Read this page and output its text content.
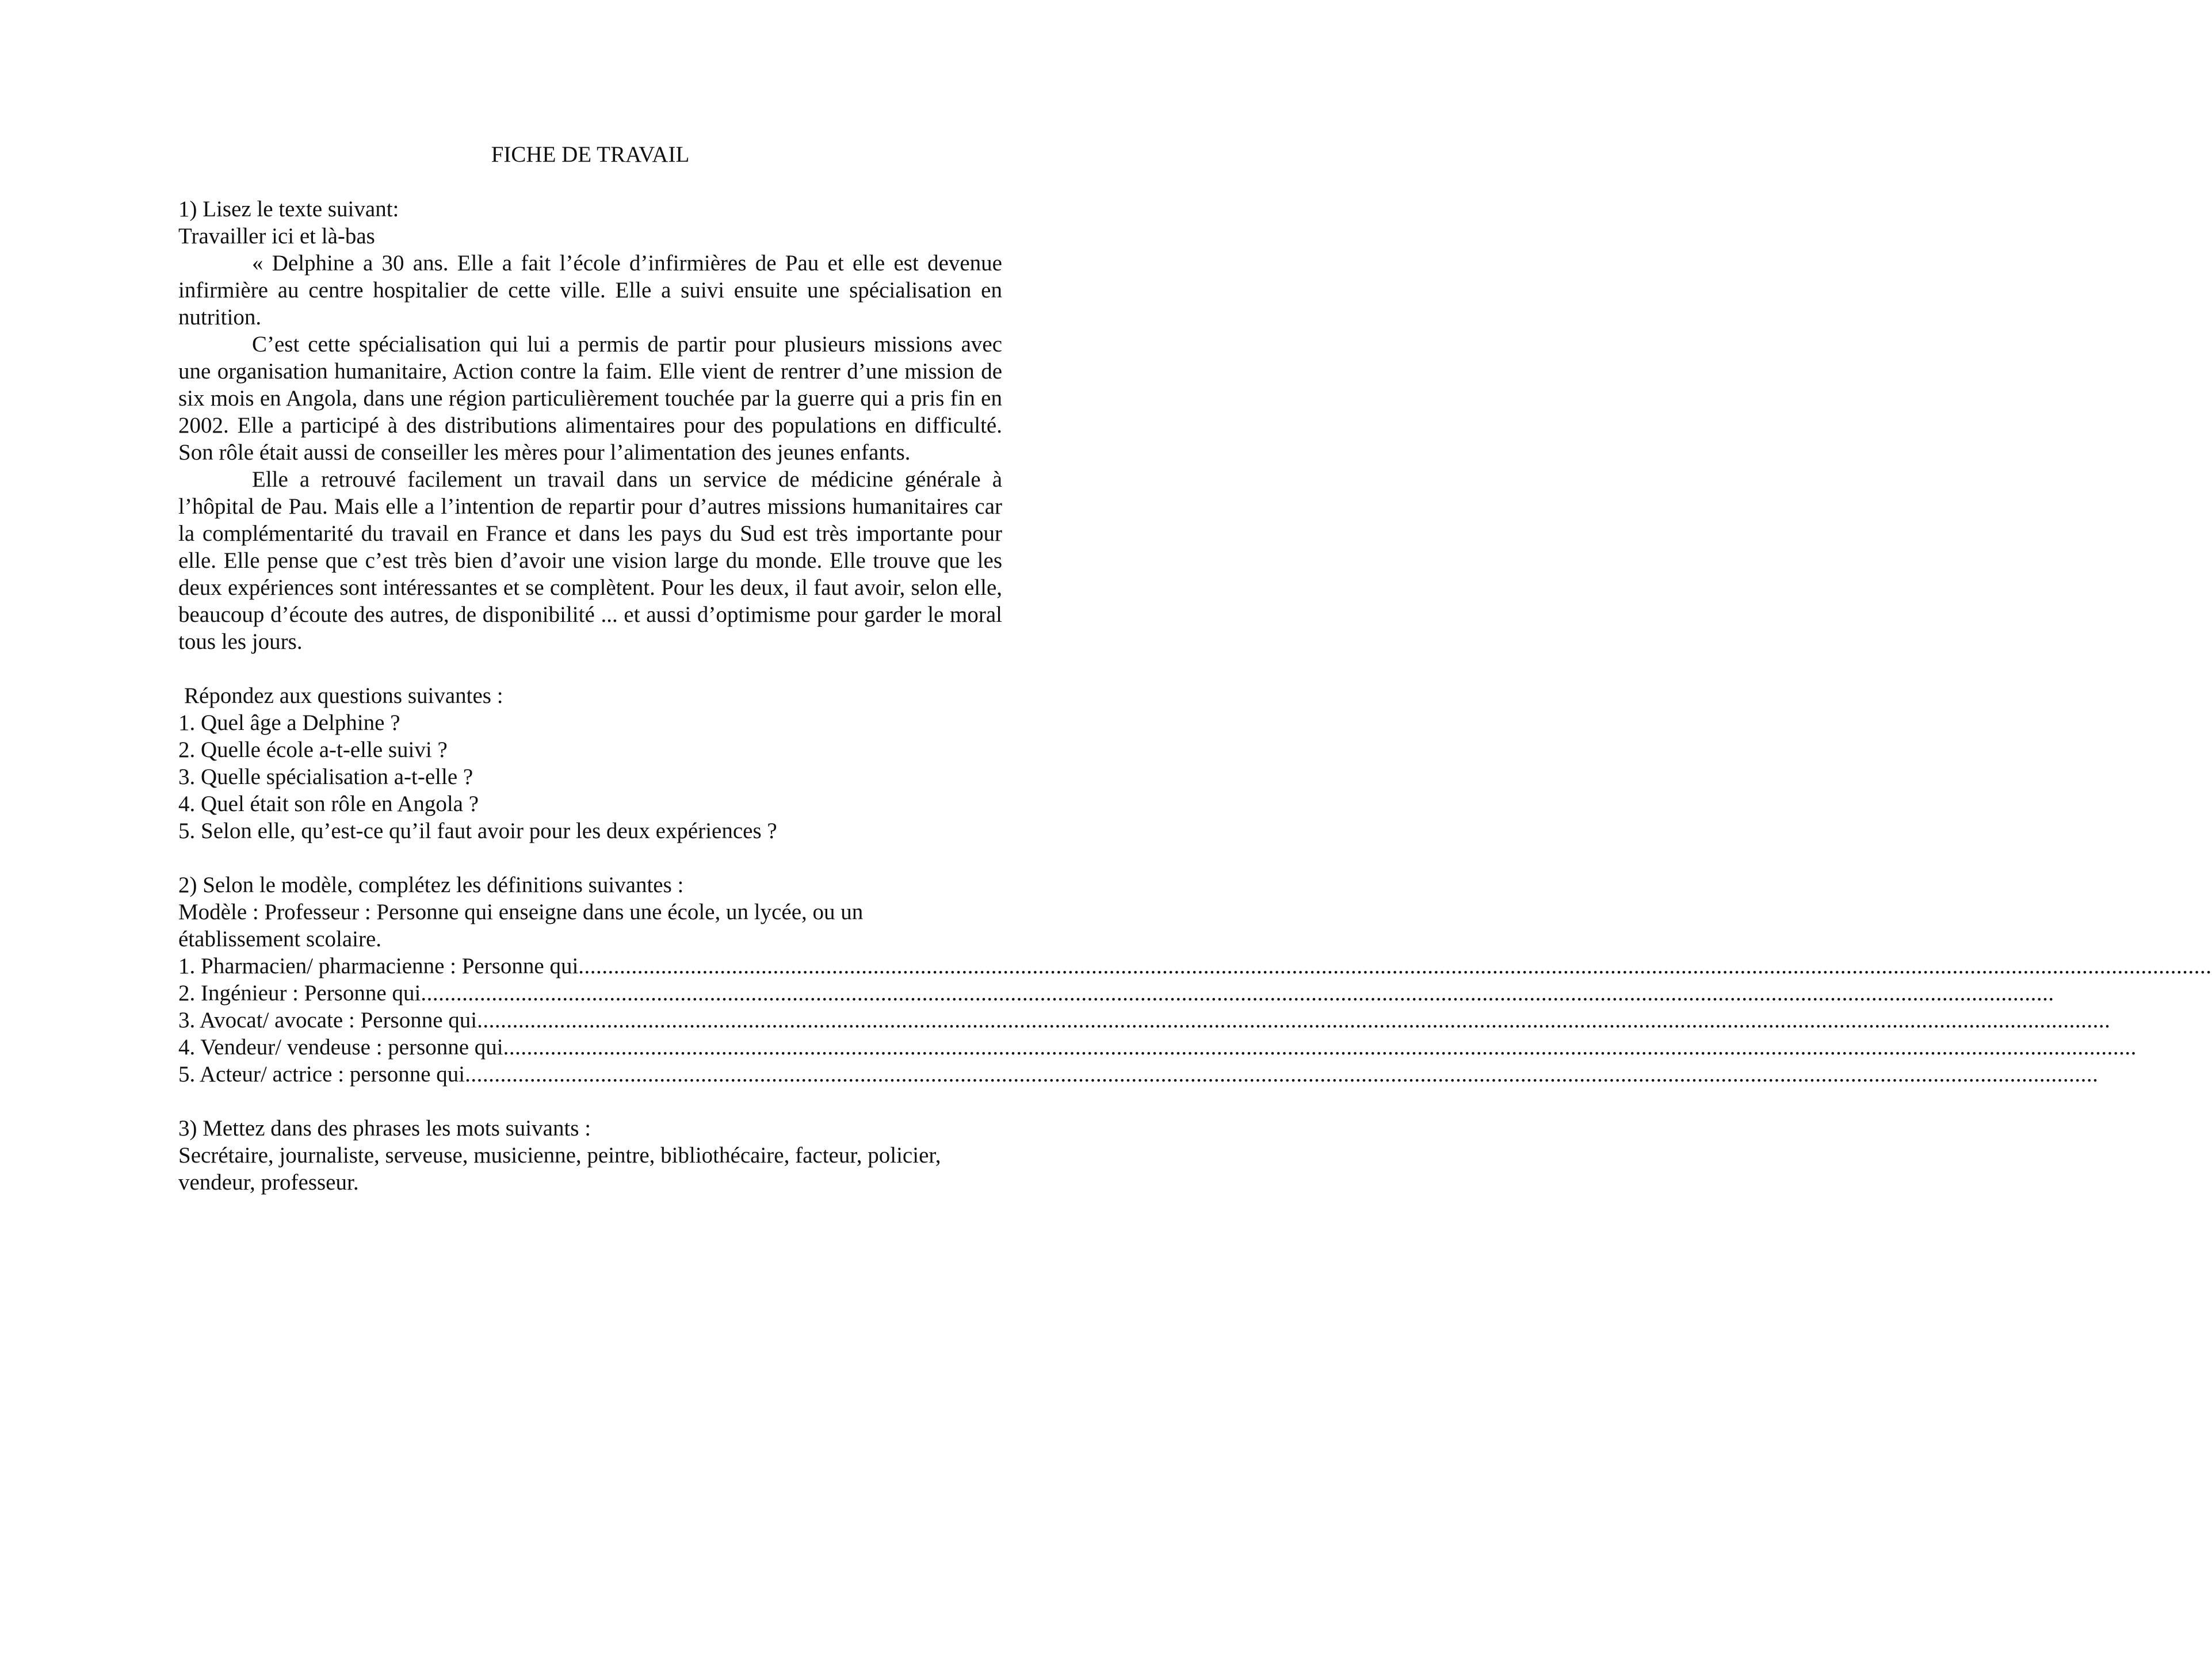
FICHE DE TRAVAIL

1) Lisez le texte suivant:

Travailler ici et là-bas

« Delphine a 30 ans. Elle a fait l’école d’infirmières de Pau et elle est devenue infirmière au centre hospitalier de cette ville. Elle a suivi ensuite une spécialisation en nutrition.

C’est cette spécialisation qui lui a permis de partir pour plusieurs missions avec une organisation humanitaire, Action contre la faim. Elle vient de rentrer d’une mission de six mois en Angola, dans une région particulièrement touchée par la guerre qui a pris fin en 2002. Elle a participé à des distributions alimentaires pour des populations en difficulté. Son rôle était aussi de conseiller les mères pour l’alimentation des jeunes enfants.

Elle a retrouvé facilement un travail dans un service de médicine générale à l’hôpital de Pau. Mais elle a l’intention de repartir pour d’autres missions humanitaires car la complémentarité du travail en France et dans les pays du Sud est très importante pour elle. Elle pense que c’est très bien d’avoir une vision large du monde. Elle trouve que les deux expériences sont intéressantes et se complètent. Pour les deux, il faut avoir, selon elle, beaucoup d’écoute des autres, de disponibilité ... et aussi d’optimisme pour garder le moral tous les jours.

Répondez aux questions suivantes :

1. Quel âge a Delphine ?

2. Quelle école a-t-elle suivi ?

3. Quelle spécialisation a-t-elle ?

4. Quel était son rôle en Angola ?

5. Selon elle, qu’est-ce qu’il faut avoir pour les deux expériences ?

2) Selon le modèle, complétez les définitions suivantes :

Modèle : Professeur : Personne qui enseigne dans une école, un lycée, ou un

établissement scolaire.

1. Pharmacien/ pharmacienne : Personne qui .....................................................................................................................................................................................................................................................................................
2. Ingénieur : Personne qui .....................................................................................................................................................................................................................................................................................
3. Avocat/ avocate : Personne qui .....................................................................................................................................................................................................................................................................................
4. Vendeur/ vendeuse : personne qui .....................................................................................................................................................................................................................................................................................
5. Acteur/ actrice : personne qui .....................................................................................................................................................................................................................................................................................

3) Mettez dans des phrases les mots suivants :

Secrétaire, journaliste, serveuse, musicienne, peintre, bibliothécaire, facteur, policier, vendeur, professeur.
